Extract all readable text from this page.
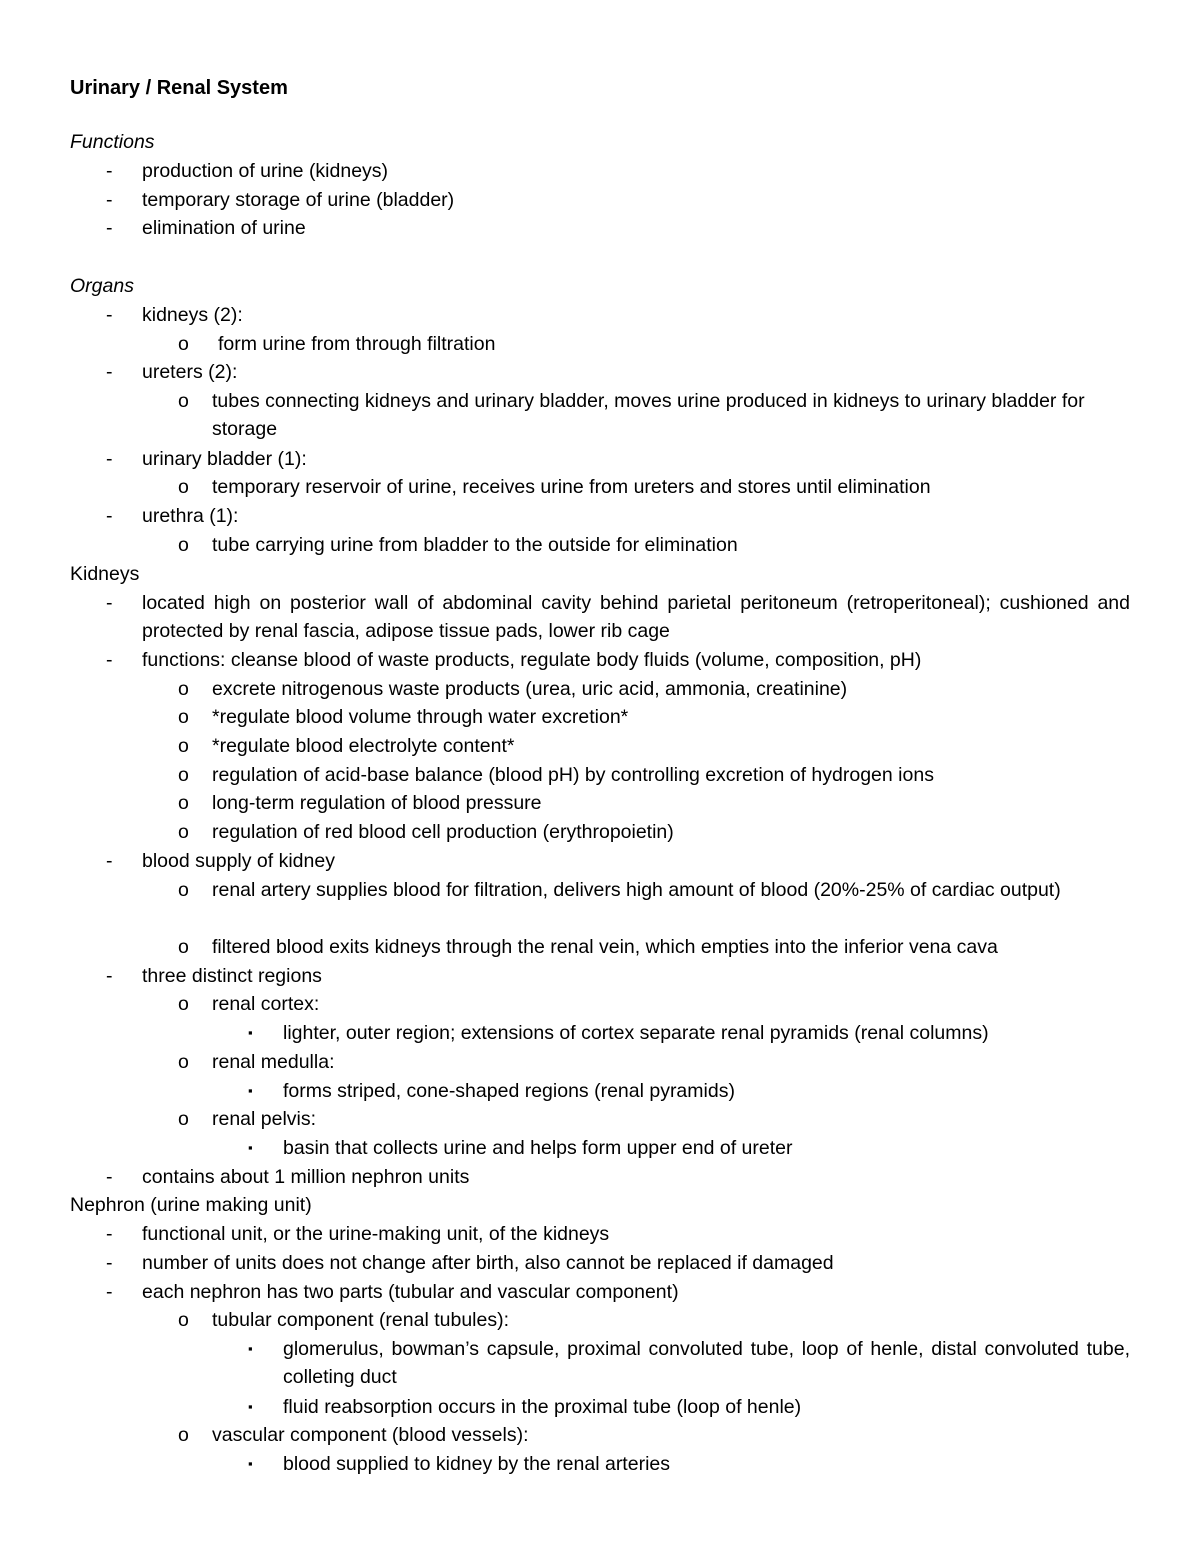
Urinary / Renal System
Functions
-	production of urine (kidneys)
-	temporary storage of urine (bladder)
-	elimination of urine
Organs
-	kidneys (2):
o	form urine from through filtration
-	ureters (2):
o	tubes connecting kidneys and urinary bladder, moves urine produced in kidneys to urinary bladder for storage
-	urinary bladder (1):
o	temporary reservoir of urine, receives urine from ureters and stores until elimination
-	urethra (1):
o	tube carrying urine from bladder to the outside for elimination
Kidneys
-	located high on posterior wall of abdominal cavity behind parietal peritoneum (retroperitoneal); cushioned and protected by renal fascia, adipose tissue pads, lower rib cage
-	functions: cleanse blood of waste products, regulate body fluids (volume, composition, pH)
o	excrete nitrogenous waste products (urea, uric acid, ammonia, creatinine)
o	*regulate blood volume through water excretion*
o	*regulate blood electrolyte content*
o	regulation of acid-base balance (blood pH) by controlling excretion of hydrogen ions
o	long-term regulation of blood pressure
o	regulation of red blood cell production (erythropoietin)
-	blood supply of kidney
o	renal artery supplies blood for filtration, delivers high amount of blood (20%-25% of cardiac output)
o	filtered blood exits kidneys through the renal vein, which empties into the inferior vena cava
-	three distinct regions
o	renal cortex:
▪	lighter, outer region; extensions of cortex separate renal pyramids (renal columns)
o	renal medulla:
▪	forms striped, cone-shaped regions (renal pyramids)
o	renal pelvis:
▪	basin that collects urine and helps form upper end of ureter
-	contains about 1 million nephron units
Nephron (urine making unit)
-	functional unit, or the urine-making unit, of the kidneys
-	number of units does not change after birth, also cannot be replaced if damaged
-	each nephron has two parts (tubular and vascular component)
o	tubular component (renal tubules):
▪	glomerulus, bowman’s capsule, proximal convoluted tube, loop of henle, distal convoluted tube, colleting duct
▪	fluid reabsorption occurs in the proximal tube (loop of henle)
o	vascular component (blood vessels):
▪	blood supplied to kidney by the renal arteries
